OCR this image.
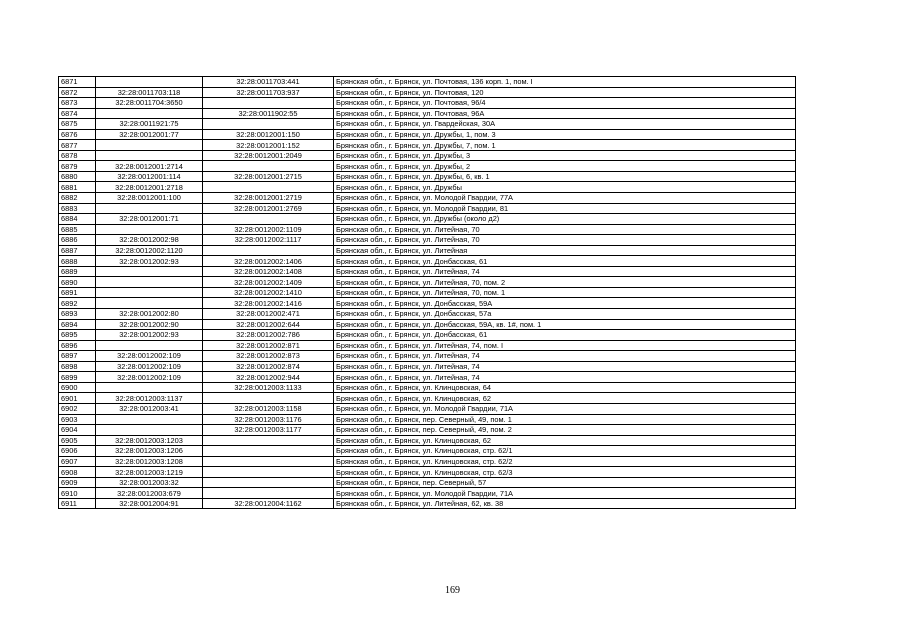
6871		32:28:0011703:441	Брянская обл., г. Брянск, ул. Почтовая, 136 корп. 1, пом. I
6872	32:28:0011703:118	32:28:0011703:937	Брянская обл., г. Брянск, ул. Почтовая, 120
6873	32:28:0011704:3650		Брянская обл., г. Брянск, ул. Почтовая, 96/4
6874		32:28:0011902:55	Брянская обл., г. Брянск, ул. Почтовая, 96А
6875	32:28:0011921:75		Брянская обл., г. Брянск, ул. Гвардейская, 30А
6876	32:28:0012001:77	32:28:0012001:150	Брянская обл., г. Брянск, ул. Дружбы, 1, пом. 3
6877		32:28:0012001:152	Брянская обл., г. Брянск, ул. Дружбы, 7, пом. 1
6878		32:28:0012001:2049	Брянская обл., г. Брянск, ул. Дружбы, 3
6879	32:28:0012001:2714		Брянская обл., г. Брянск, ул. Дружбы, 2
6880	32:28:0012001:114	32:28:0012001:2715	Брянская обл., г. Брянск, ул. Дружбы, 6, кв. 1
6881	32:28:0012001:2718		Брянская обл., г. Брянск, ул. Дружбы
6882	32:28:0012001:100	32:28:0012001:2719	Брянская обл., г. Брянск, ул. Молодой Гвардии, 77А
6883		32:28:0012001:2769	Брянская обл., г. Брянск, ул. Молодой Гвардии, 81
6884	32:28:0012001:71		Брянская обл., г. Брянск, ул. Дружбы (около д2)
6885		32:28:0012002:1109	Брянская обл., г. Брянск, ул. Литейная, 70
6886	32:28:0012002:98	32:28:0012002:1117	Брянская обл., г. Брянск, ул. Литейная, 70
6887	32:28:0012002:1120		Брянская обл., г. Брянск, ул. Литейная
6888	32:28:0012002:93	32:28:0012002:1406	Брянская обл., г. Брянск, ул. Донбасская, 61
6889		32:28:0012002:1408	Брянская обл., г. Брянск, ул. Литейная, 74
6890		32:28:0012002:1409	Брянская обл., г. Брянск, ул. Литейная, 70, пом. 2
6891		32:28:0012002:1410	Брянская обл., г. Брянск, ул. Литейная, 70, пом. 1
6892		32:28:0012002:1416	Брянская обл., г. Брянск, ул. Донбасская, 59А
6893	32:28:0012002:80	32:28:0012002:471	Брянская обл., г. Брянск, ул. Донбасская, 57а
6894	32:28:0012002:90	32:28:0012002:644	Брянская обл., г. Брянск, ул. Донбасская, 59А, кв. 1#, пом. 1
6895	32:28:0012002:93	32:28:0012002:786	Брянская обл., г. Брянск, ул. Донбасская, 61
6896		32:28:0012002:871	Брянская обл., г. Брянск, ул. Литейная, 74, пом. I
6897	32:28:0012002:109	32:28:0012002:873	Брянская обл., г. Брянск, ул. Литейная, 74
6898	32:28:0012002:109	32:28:0012002:874	Брянская обл., г. Брянск, ул. Литейная, 74
6899	32:28:0012002:109	32:28:0012002:944	Брянская обл., г. Брянск, ул. Литейная, 74
6900		32:28:0012003:1133	Брянская обл., г. Брянск, ул. Клинцовская, 64
6901	32:28:0012003:1137		Брянская обл., г. Брянск, ул. Клинцовская, 62
6902	32:28:0012003:41	32:28:0012003:1158	Брянская обл., г. Брянск, ул. Молодой Гвардии, 71А
6903		32:28:0012003:1176	Брянская обл., г. Брянск, пер. Северный, 49, пом. 1
6904		32:28:0012003:1177	Брянская обл., г. Брянск, пер. Северный, 49, пом. 2
6905	32:28:0012003:1203		Брянская обл., г. Брянск, ул. Клинцовская, 62
6906	32:28:0012003:1206		Брянская обл., г. Брянск, ул. Клинцовская, стр. 62/1
6907	32:28:0012003:1208		Брянская обл., г. Брянск, ул. Клинцовская, стр. 62/2
6908	32:28:0012003:1219		Брянская обл., г. Брянск, ул. Клинцовская, стр. 62/3
6909	32:28:0012003:32		Брянская обл., г. Брянск, пер. Северный, 57
6910	32:28:0012003:679		Брянская обл., г. Брянск, ул. Молодой Гвардии, 71А
6911	32:28:0012004:91	32:28:0012004:1162	Брянская обл., г. Брянск, ул. Литейная, 62, кв. 38
169
